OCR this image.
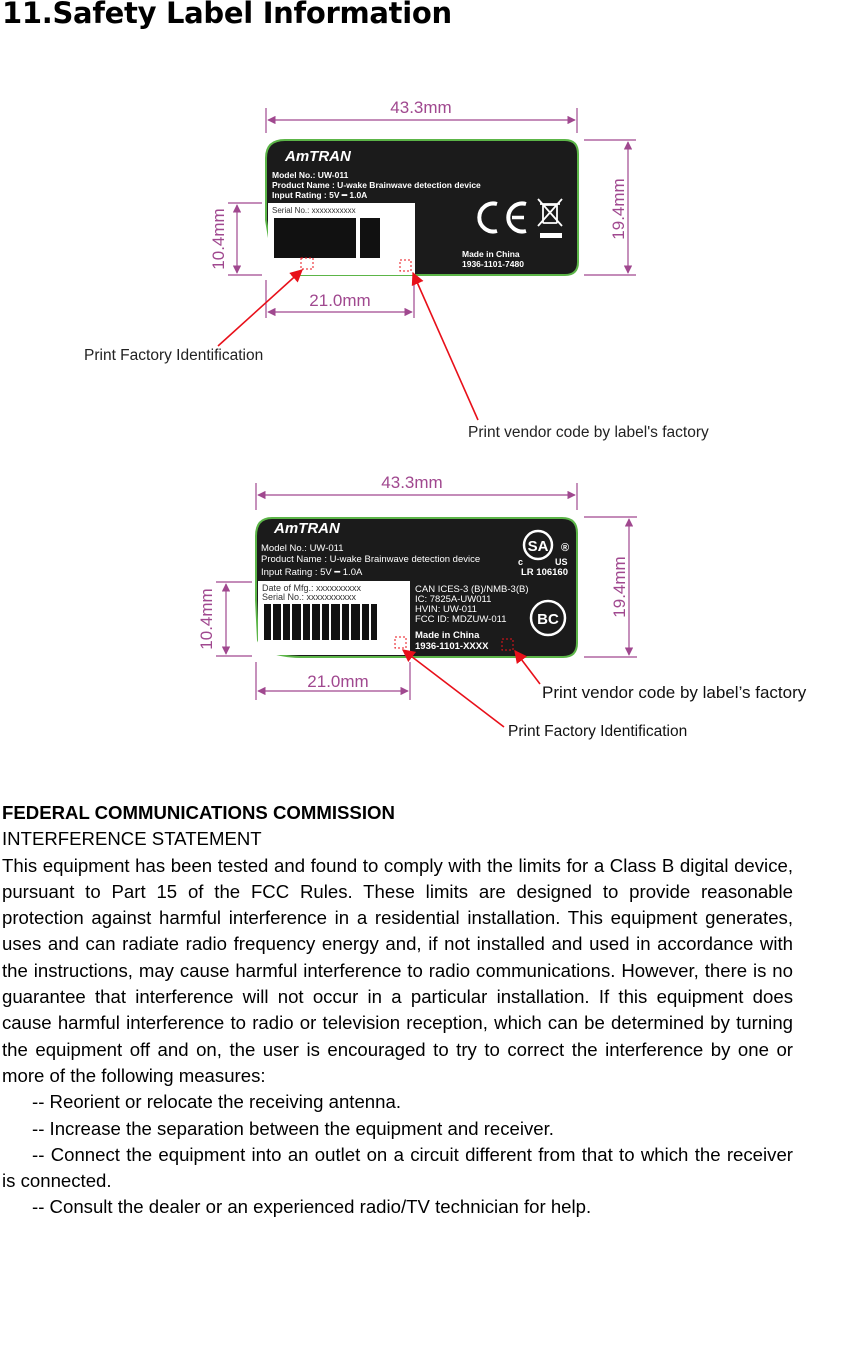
11.Safety Label Information
AmTRAN
Model No.: UW-011
Product Name : U-wake Brainwave detection device
Input Rating : 5V ━ 1.0A
Serial No.: xxxxxxxxxxx
Made in China
1936-1101-7480
43.3mm
19.4mm
10.4mm
21.0mm
Print Factory Identification
Print vendor code by label's factory
AmTRAN
Model No.: UW-011
Product Name : U-wake Brainwave detection device
Input Rating : 5V ━ 1.0A
Date of Mfg.: xxxxxxxxxx
Serial No.: xxxxxxxxxxx
CAN ICES-3 (B)/NMB-3(B)
IC: 7825A-UW011
HVIN: UW-011
FCC ID: MDZUW-011
Made in China
1936-1101-XXXX
SA ®
c	US
LR 106160
BC
43.3mm
19.4mm
10.4mm
21.0mm
Print vendor code by label’s factory
Print Factory Identification
FEDERAL COMMUNICATIONS COMMISSION
INTERFERENCE STATEMENT

This equipment has been tested and found to comply with the limits for a Class B digital device, pursuant to Part 15 of the FCC Rules. These limits are designed to provide reasonable protection against harmful interference in a residential installation. This equipment generates, uses and can radiate radio frequency energy and, if not installed and used in accordance with the instructions, may cause harmful interference to radio communications. However, there is no guarantee that interference will not occur in a particular installation. If this equipment does cause harmful interference to radio or television reception, which can be determined by turning the equipment off and on, the user is encouraged to try to correct the interference by one or more of the following measures:

-- Reorient or relocate the receiving antenna.

-- Increase the separation between the equipment and receiver.

-- Connect the equipment into an outlet on a circuit different from that to which the receiver is connected.

-- Consult the dealer or an experienced radio/TV technician for help.
